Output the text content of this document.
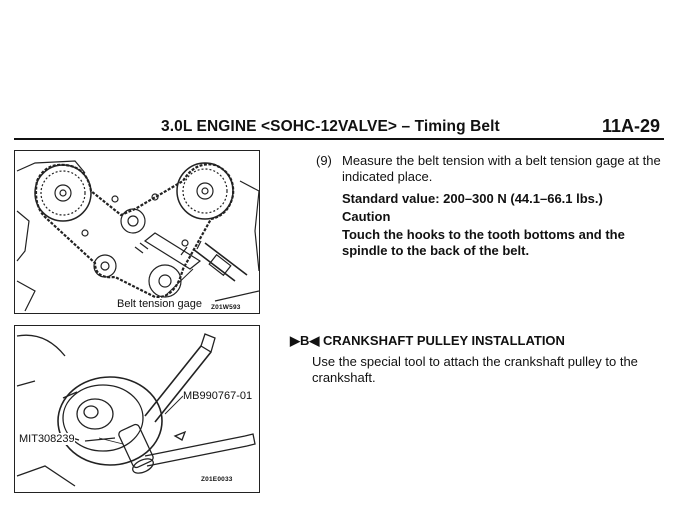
3.0L ENGINE <SOHC-12VALVE> – Timing Belt	11A-29
Belt tension gage Z01W593
MB990767-01
MIT308239
Z01E0033
(9) Measure the belt tension with a belt tension gage at the indicated place.
Standard value: 200–300 N (44.1–66.1 lbs.)
Caution
Touch the hooks to the tooth bottoms and the spindle to the back of the belt.
▶B◀ CRANKSHAFT PULLEY INSTALLATION
Use the special tool to attach the crankshaft pulley to the crankshaft.
